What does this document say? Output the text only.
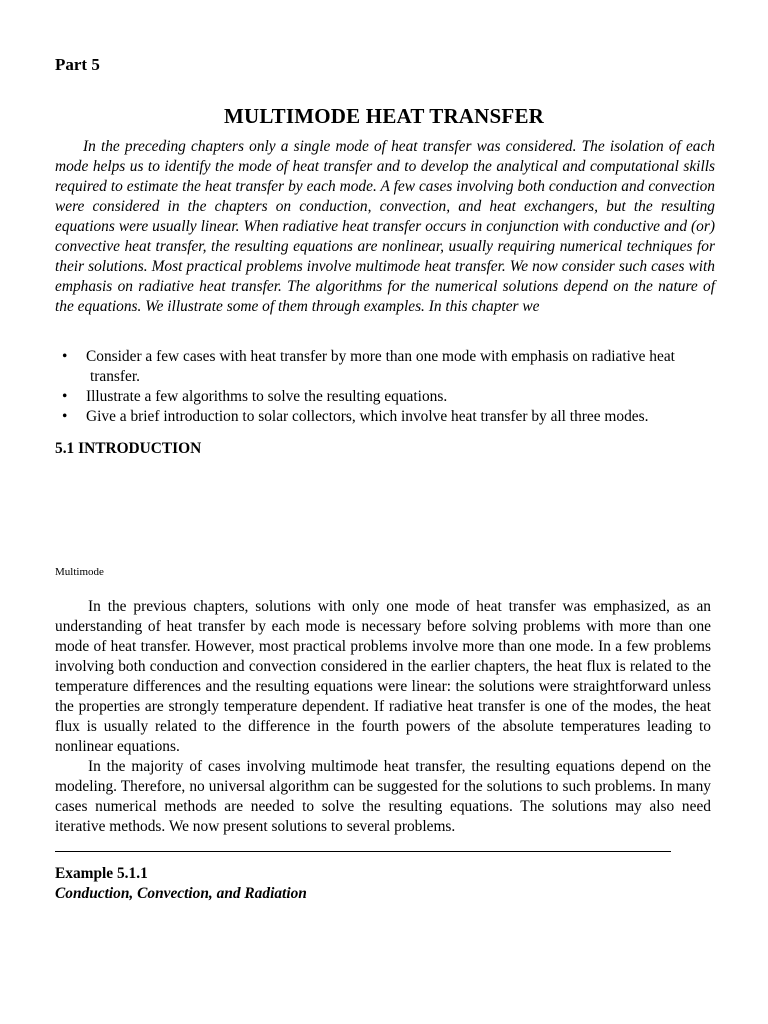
Part 5
MULTIMODE HEAT TRANSFER

In the preceding chapters only a single mode of heat transfer was considered. The isolation of each mode helps us to identify the mode of heat transfer and to develop the analytical and computational skills required to estimate the heat transfer by each mode. A few cases involving both conduction and convection were considered in the chapters on conduction, convection, and heat exchangers, but the resulting equations were usually linear. When radiative heat transfer occurs in conjunction with conductive and (or) convective heat transfer, the resulting equations are nonlinear, usually requiring numerical techniques for their solutions. Most practical problems involve multimode heat transfer. We now consider such cases with emphasis on radiative heat transfer. The algorithms for the numerical solutions depend on the nature of the equations. We illustrate some of them through examples. In this chapter we

• Consider a few cases with heat transfer by more than one mode with emphasis on radiative heat transfer.
• Illustrate a few algorithms to solve the resulting equations.
• Give a brief introduction to solar collectors, which involve heat transfer by all three modes.
5.1 INTRODUCTION
Multimode

In the previous chapters, solutions with only one mode of heat transfer was emphasized, as an understanding of heat transfer by each mode is necessary before solving problems with more than one mode of heat transfer. However, most practical problems involve more than one mode. In a few problems involving both conduction and convection considered in the earlier chapters, the heat flux is related to the temperature differences and the resulting equations were linear: the solutions were straightforward unless the properties are strongly temperature dependent. If radiative heat transfer is one of the modes, the heat flux is usually related to the difference in the fourth powers of the absolute temperatures leading to nonlinear equations.

In the majority of cases involving multimode heat transfer, the resulting equations depend on the modeling. Therefore, no universal algorithm can be suggested for the solutions to such problems. In many cases numerical methods are needed to solve the resulting equations. The solutions may also need iterative methods. We now present solutions to several problems.

Example 5.1.1
Conduction, Convection, and Radiation
